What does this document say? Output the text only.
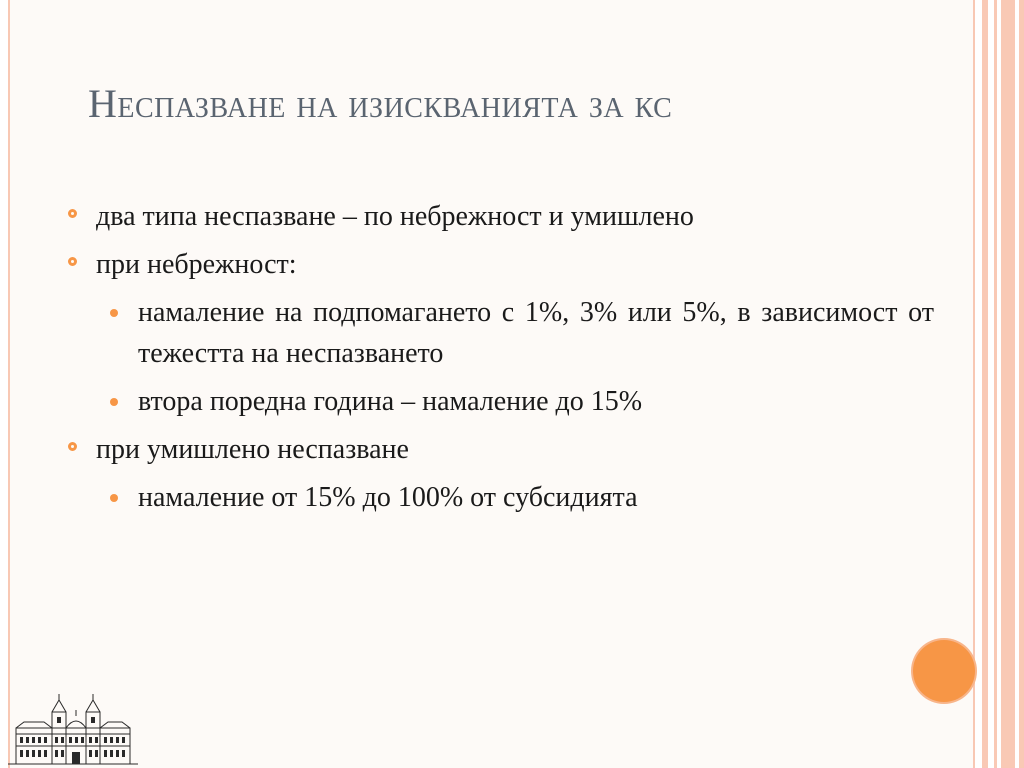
Неспазване на изискванията за кс
два типа неспазване – по небрежност и умишлено
при небрежност:
намаление на подпомагането с 1%, 3% или 5%, в зависимост от тежестта на неспазването
втора поредна година – намаление до 15%
при умишлено неспазване
намаление от 15% до 100% от субсидията
